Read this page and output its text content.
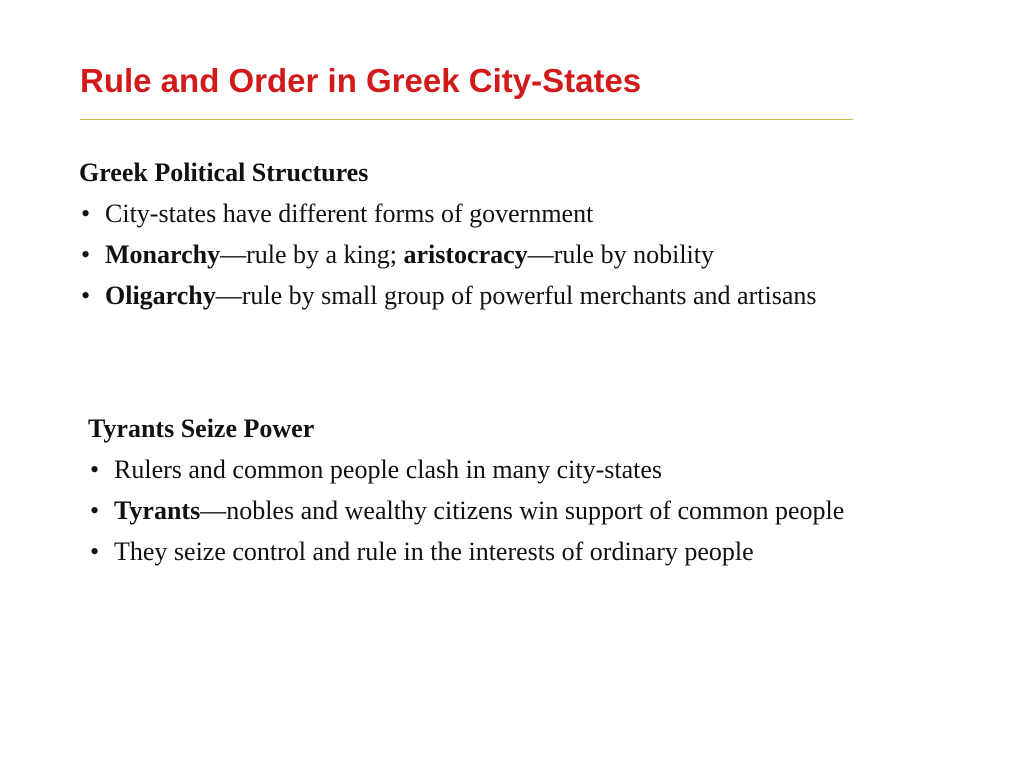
Rule and Order in Greek City-States
Greek Political Structures
• City-states have different forms of government
• Monarchy—rule by a king; aristocracy—rule by nobility
• Oligarchy—rule by small group of powerful merchants and artisans
Tyrants Seize Power
• Rulers and common people clash in many city-states
• Tyrants—nobles and wealthy citizens win support of common people
• They seize control and rule in the interests of ordinary people
